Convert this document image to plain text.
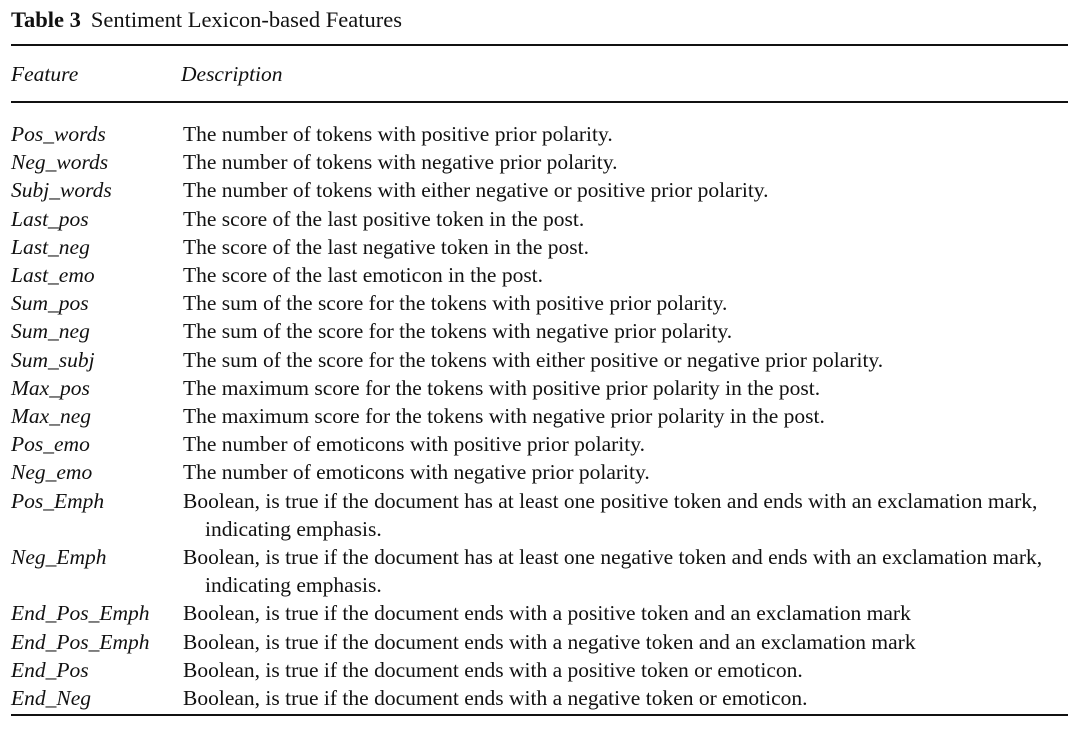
Table 3 Sentiment Lexicon-based Features
Feature	Description
Pos_words	The number of tokens with positive prior polarity.
Neg_words	The number of tokens with negative prior polarity.
Subj_words	The number of tokens with either negative or positive prior polarity.
Last_pos	The score of the last positive token in the post.
Last_neg	The score of the last negative token in the post.
Last_emo	The score of the last emoticon in the post.
Sum_pos	The sum of the score for the tokens with positive prior polarity.
Sum_neg	The sum of the score for the tokens with negative prior polarity.
Sum_subj	The sum of the score for the tokens with either positive or negative prior polarity.
Max_pos	The maximum score for the tokens with positive prior polarity in the post.
Max_neg	The maximum score for the tokens with negative prior polarity in the post.
Pos_emo	The number of emoticons with positive prior polarity.
Neg_emo	The number of emoticons with negative prior polarity.
Pos_Emph	Boolean, is true if the document has at least one positive token and ends with an exclamation mark, indicating emphasis.
Neg_Emph	Boolean, is true if the document has at least one negative token and ends with an exclamation mark, indicating emphasis.
End_Pos_Emph Boolean, is true if the document ends with a positive token and an exclamation mark
End_Pos_Emph Boolean, is true if the document ends with a negative token and an exclamation mark
End_Pos	Boolean, is true if the document ends with a positive token or emoticon.
End_Neg	Boolean, is true if the document ends with a negative token or emoticon.
